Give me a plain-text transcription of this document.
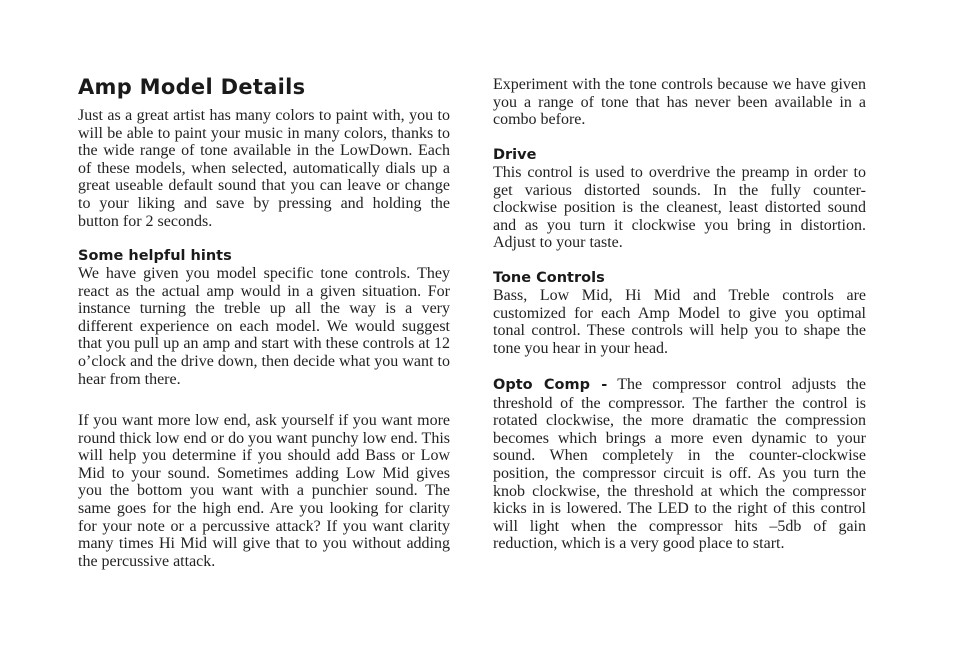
Amp Model Details

Just as a great artist has many colors to paint with, you to will be able to paint your music in many colors, thanks to the wide range of tone available in the LowDown. Each of these models, when selected, automatically dials up a great useable default sound that you can leave or change to your liking and save by pressing and holding the button for 2 seconds.

Some helpful hints

We have given you model specific tone controls. They react as the actual amp would in a given situation. For instance turning the treble up all the way is a very different experience on each model. We would suggest that you pull up an amp and start with these controls at 12 o’clock and the drive down, then decide what you want to hear from there.

If you want more low end, ask yourself if you want more round thick low end or do you want punchy low end. This will help you determine if you should add Bass or Low Mid to your sound. Sometimes adding Low Mid gives you the bottom you want with a punchier sound. The same goes for the high end. Are you looking for clarity for your note or a percussive attack? If you want clarity many times Hi Mid will give that to you without adding the percussive attack.

Experiment with the tone controls because we have given you a range of tone that has never been available in a combo before.

Drive

This control is used to overdrive the preamp in order to get various distorted sounds. In the fully counter-clockwise position is the cleanest, least distorted sound and as you turn it clockwise you bring in distortion. Adjust to your taste.

Tone Controls

Bass, Low Mid, Hi Mid and Treble controls are customized for each Amp Model to give you optimal tonal control. These controls will help you to shape the tone you hear in your head.

Opto Comp - The compressor control adjusts the threshold of the compressor. The farther the control is rotated clockwise, the more dramatic the compression becomes which brings a more even dynamic to your sound. When completely in the counter-clockwise position, the compressor circuit is off. As you turn the knob clockwise, the threshold at which the compressor kicks in is lowered. The LED to the right of this control will light when the compressor hits –5db of gain reduction, which is a very good place to start.
